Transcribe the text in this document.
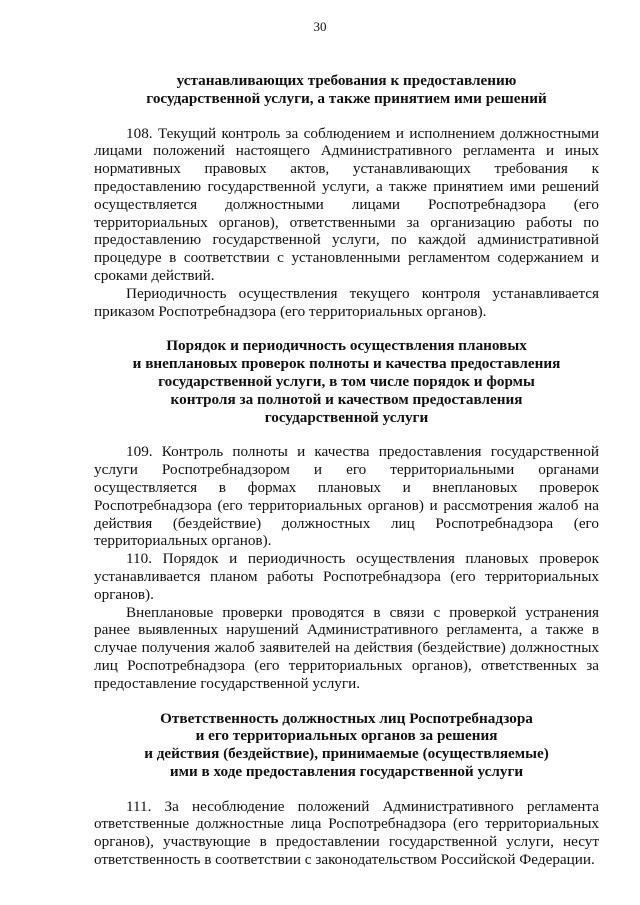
30
устанавливающих требования к предоставлению
государственной услуги, а также принятием ими решений

108. Текущий контроль за соблюдением и исполнением должностными лицами положений настоящего Административного регламента и иных нормативных правовых актов, устанавливающих требования к предоставлению государственной услуги, а также принятием ими решений осуществляется должностными лицами Роспотребнадзора (его территориальных органов), ответственными за организацию работы по предоставлению государственной услуги, по каждой административной процедуре в соответствии с установленными регламентом содержанием и сроками действий.

Периодичность осуществления текущего контроля устанавливается приказом Роспотребнадзора (его территориальных органов).

Порядок и периодичность осуществления плановых
и внеплановых проверок полноты и качества предоставления
государственной услуги, в том числе порядок и формы
контроля за полнотой и качеством предоставления
государственной услуги

109. Контроль полноты и качества предоставления государственной услуги Роспотребнадзором и его территориальными органами осуществляется в формах плановых и внеплановых проверок Роспотребнадзора (его территориальных органов) и рассмотрения жалоб на действия (бездействие) должностных лиц Роспотребнадзора (его территориальных органов).

110. Порядок и периодичность осуществления плановых проверок устанавливается планом работы Роспотребнадзора (его территориальных органов).

Внеплановые проверки проводятся в связи с проверкой устранения ранее выявленных нарушений Административного регламента, а также в случае получения жалоб заявителей на действия (бездействие) должностных лиц Роспотребнадзора (его территориальных органов), ответственных за предоставление государственной услуги.

Ответственность должностных лиц Роспотребнадзора
и его территориальных органов за решения
и действия (бездействие), принимаемые (осуществляемые)
ими в ходе предоставления государственной услуги

111. За несоблюдение положений Административного регламента ответственные должностные лица Роспотребнадзора (его территориальных органов), участвующие в предоставлении государственной услуги, несут ответственность в соответствии с законодательством Российской Федерации.
